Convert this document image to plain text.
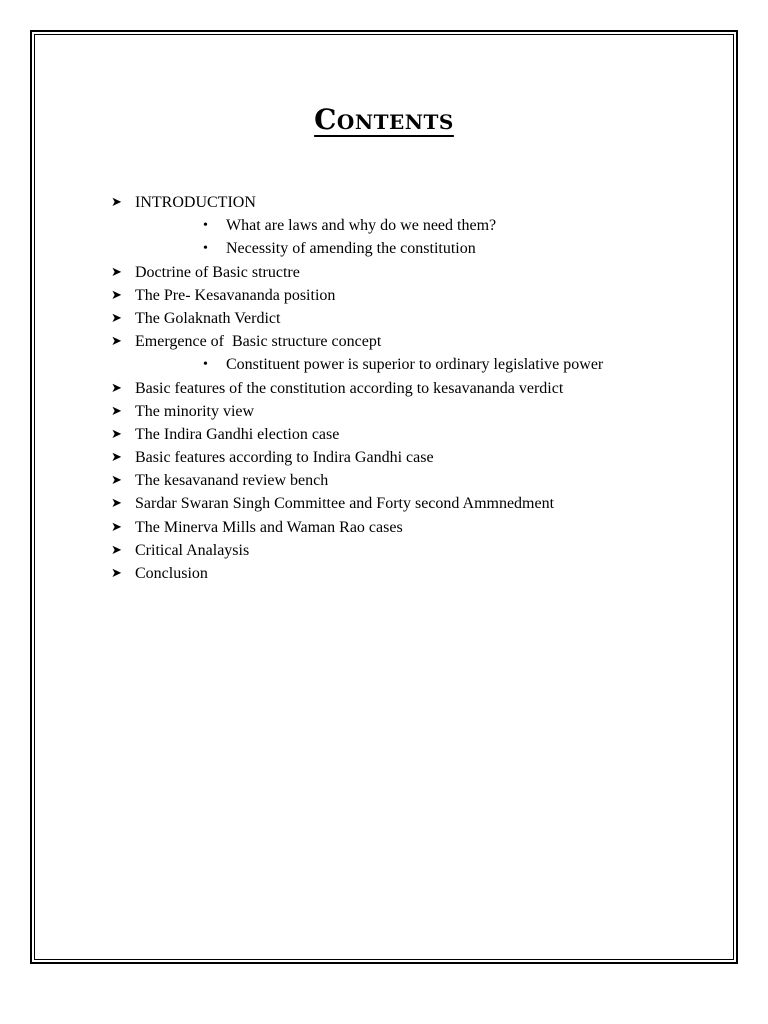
Contents
➤ INTRODUCTION
• What are laws and why do we need them?
• Necessity of amending the constitution
➤ Doctrine of Basic structre
➤ The Pre- Kesavananda position
➤ The Golaknath Verdict
➤ Emergence of  Basic structure concept
• Constituent power is superior to ordinary legislative power
➤ Basic features of the constitution according to kesavananda verdict
➤ The minority view
➤ The Indira Gandhi election case
➤ Basic features according to Indira Gandhi case
➤ The kesavanand review bench
➤ Sardar Swaran Singh Committee and Forty second Ammnedment
➤ The Minerva Mills and Waman Rao cases
➤ Critical Analaysis
➤ Conclusion
